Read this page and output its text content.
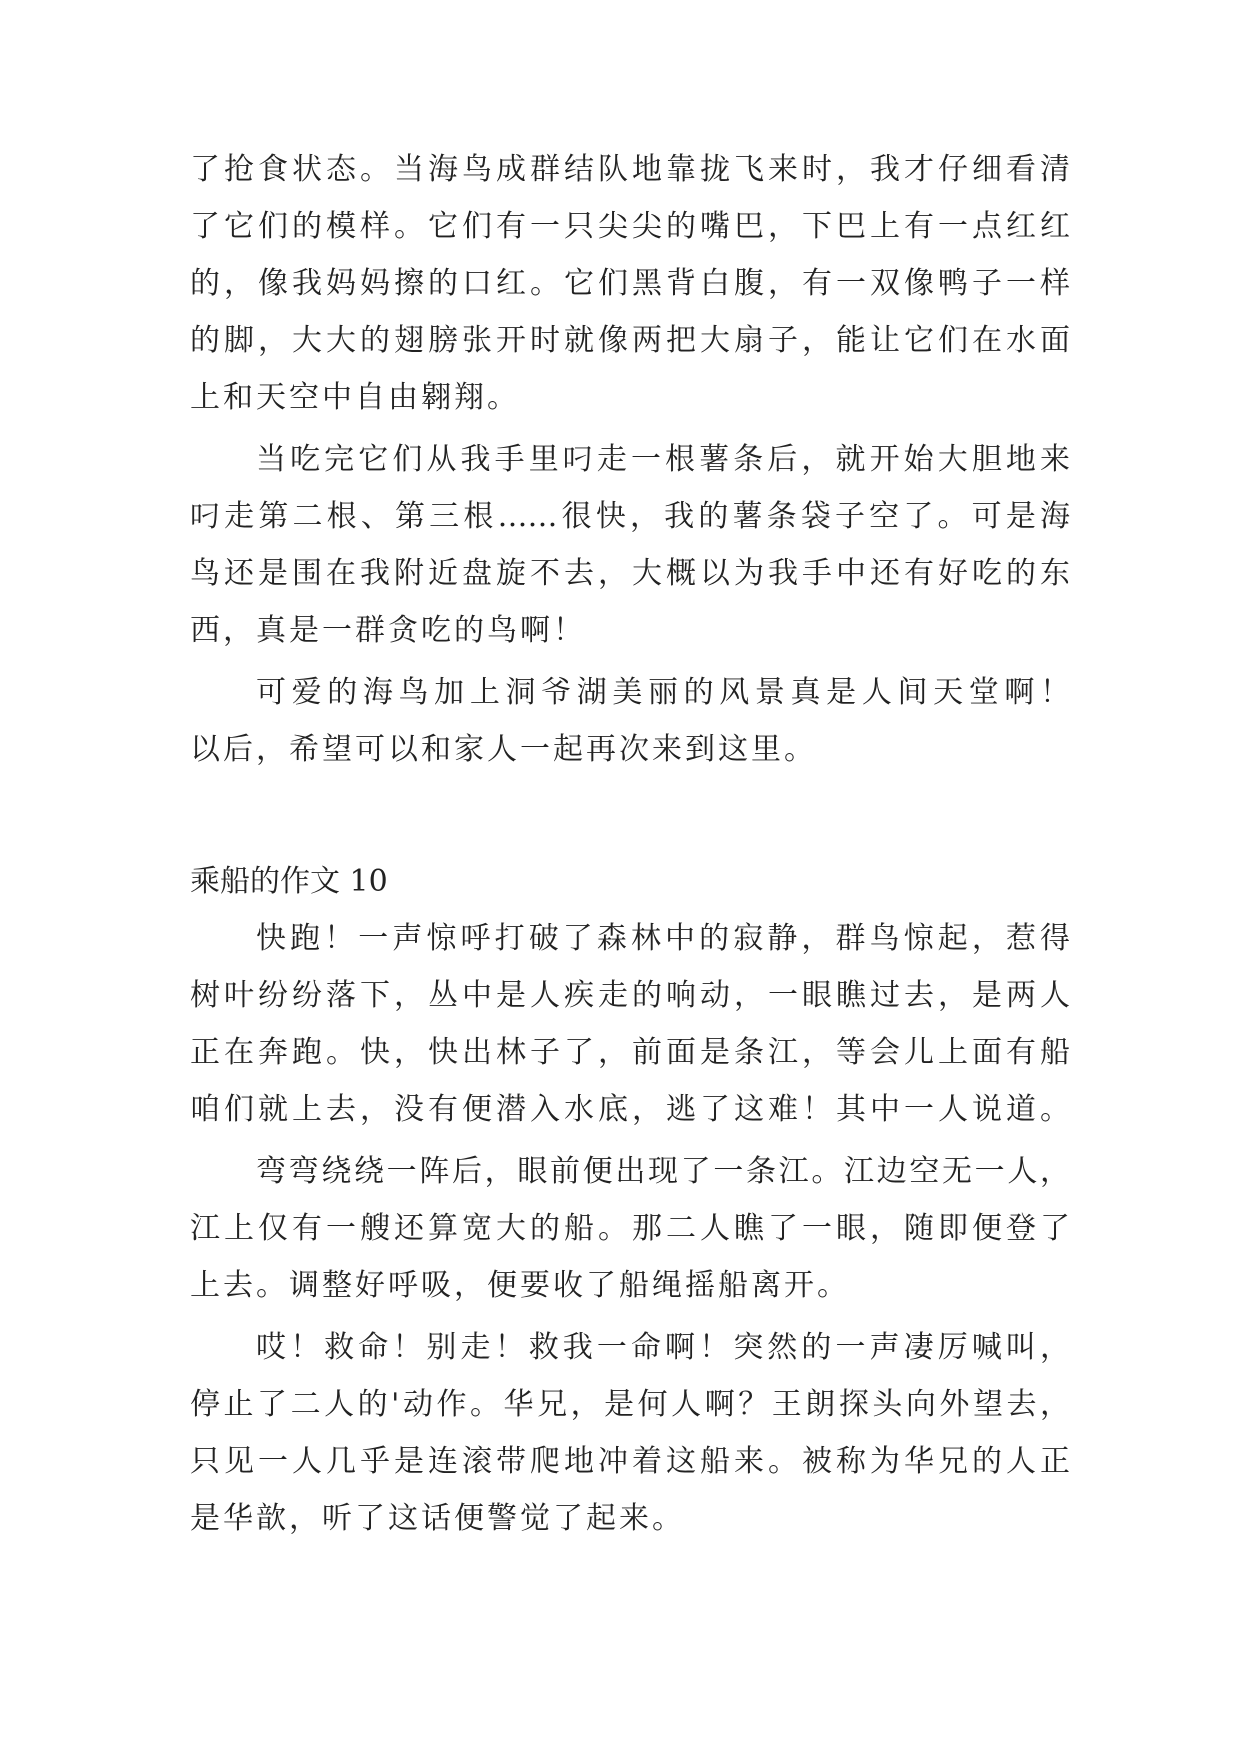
了抢食状态。当海鸟成群结队地靠拢飞来时，我才仔细看清
了它们的模样。它们有一只尖尖的嘴巴，下巴上有一点红红
的，像我妈妈擦的口红。它们黑背白腹，有一双像鸭子一样
的脚，大大的翅膀张开时就像两把大扇子，能让它们在水面
上和天空中自由翱翔。
当吃完它们从我手里叼走一根薯条后，就开始大胆地来
叼走第二根、第三根……很快，我的薯条袋子空了。可是海
鸟还是围在我附近盘旋不去，大概以为我手中还有好吃的东
西，真是一群贪吃的鸟啊！
可爱的海鸟加上洞爷湖美丽的风景真是人间天堂啊！
以后，希望可以和家人一起再次来到这里。
乘船的作文 10
快跑！一声惊呼打破了森林中的寂静，群鸟惊起，惹得
树叶纷纷落下，丛中是人疾走的响动，一眼瞧过去，是两人
正在奔跑。快，快出林子了，前面是条江，等会儿上面有船
咱们就上去，没有便潜入水底，逃了这难！其中一人说道。
弯弯绕绕一阵后，眼前便出现了一条江。江边空无一人，
江上仅有一艘还算宽大的船。那二人瞧了一眼，随即便登了
上去。调整好呼吸，便要收了船绳摇船离开。
哎！救命！别走！救我一命啊！突然的一声凄厉喊叫，
停止了二人的'动作。华兄，是何人啊？王朗探头向外望去，
只见一人几乎是连滚带爬地冲着这船来。被称为华兄的人正
是华歆，听了这话便警觉了起来。
